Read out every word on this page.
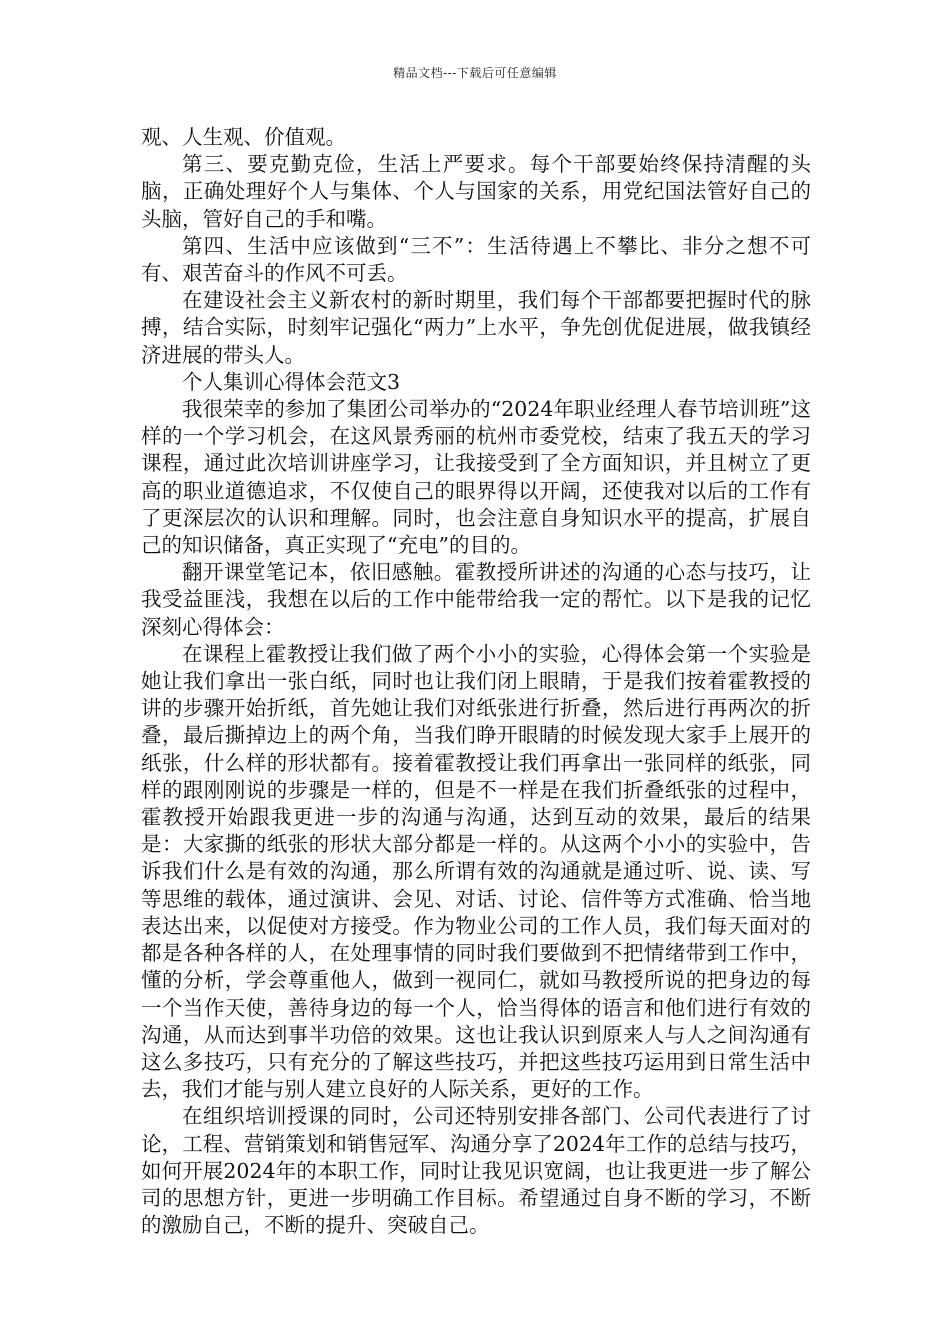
精品文档---下载后可任意编辑

观、人生观、价值观。

第三、要克勤克俭，生活上严要求。每个干部要始终保持清醒的头脑，正确处理好个人与集体、个人与国家的关系，用党纪国法管好自己的头脑，管好自己的手和嘴。

第四、生活中应该做到“三不”：生活待遇上不攀比、非分之想不可有、艰苦奋斗的作风不可丢。

在建设社会主义新农村的新时期里，我们每个干部都要把握时代的脉搏，结合实际，时刻牢记强化“两力”上水平，争先创优促进展，做我镇经济进展的带头人。

个人集训心得体会范文3

我很荣幸的参加了集团公司举办的“2024年职业经理人春节培训班”这样的一个学习机会，在这风景秀丽的杭州市委党校，结束了我五天的学习课程，通过此次培训讲座学习，让我接受到了全方面知识，并且树立了更高的职业道德追求，不仅使自己的眼界得以开阔，还使我对以后的工作有了更深层次的认识和理解。同时，也会注意自身知识水平的提高，扩展自己的知识储备，真正实现了“充电”的目的。

翻开课堂笔记本，依旧感触。霍教授所讲述的沟通的心态与技巧，让我受益匪浅，我想在以后的工作中能带给我一定的帮忙。以下是我的记忆深刻心得体会：

在课程上霍教授让我们做了两个小小的实验，心得体会第一个实验是她让我们拿出一张白纸，同时也让我们闭上眼睛，于是我们按着霍教授的讲的步骤开始折纸，首先她让我们对纸张进行折叠，然后进行再两次的折叠，最后撕掉边上的两个角，当我们睁开眼睛的时候发现大家手上展开的纸张，什么样的形状都有。接着霍教授让我们再拿出一张同样的纸张，同样的跟刚刚说的步骤是一样的，但是不一样是在我们折叠纸张的过程中，霍教授开始跟我更进一步的沟通与沟通，达到互动的效果，最后的结果是：大家撕的纸张的形状大部分都是一样的。从这两个小小的实验中，告诉我们什么是有效的沟通，那么所谓有效的沟通就是通过听、说、读、写等思维的载体，通过演讲、会见、对话、讨论、信件等方式准确、恰当地表达出来，以促使对方接受。作为物业公司的工作人员，我们每天面对的都是各种各样的人，在处理事情的同时我们要做到不把情绪带到工作中，懂的分析，学会尊重他人，做到一视同仁，就如马教授所说的把身边的每一个当作天使，善待身边的每一个人，恰当得体的语言和他们进行有效的沟通，从而达到事半功倍的效果。这也让我认识到原来人与人之间沟通有这么多技巧，只有充分的了解这些技巧，并把这些技巧运用到日常生活中去，我们才能与别人建立良好的人际关系，更好的工作。

在组织培训授课的同时，公司还特别安排各部门、公司代表进行了讨论，工程、营销策划和销售冠军、沟通分享了2024年工作的总结与技巧，如何开展2024年的本职工作，同时让我见识宽阔，也让我更进一步了解公司的思想方针，更进一步明确工作目标。希望通过自身不断的学习，不断的激励自己，不断的提升、突破自己。
